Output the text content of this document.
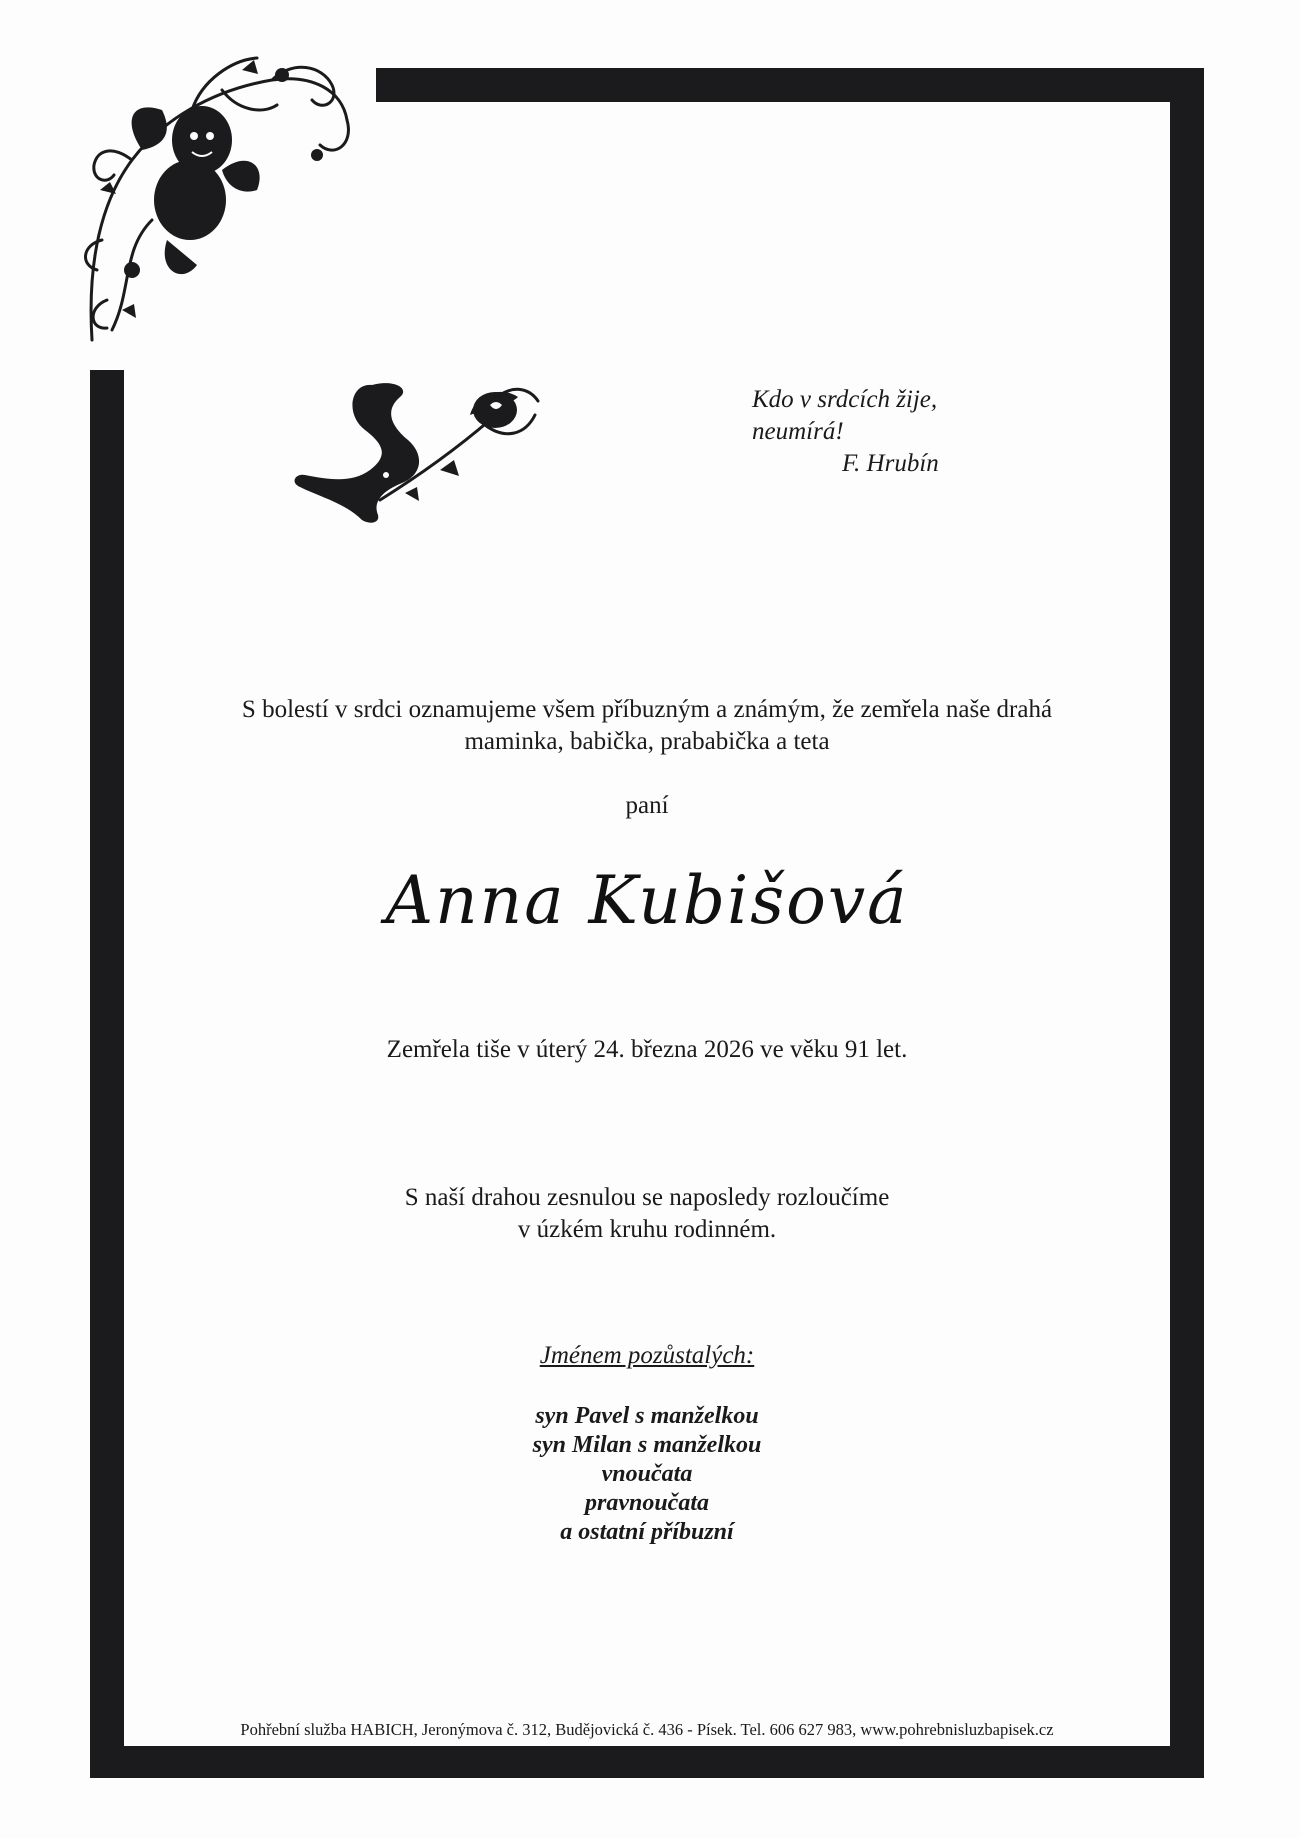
Kdo v srdcích žije,
neumírá!
F. Hrubín
S bolestí v srdci oznamujeme všem příbuzným a známým, že zemřela naše drahá
maminka, babička, prababička a teta
paní
Anna Kubišová
Zemřela tiše v úterý 24. března 2026 ve věku 91 let.
S naší drahou zesnulou se naposledy rozloučíme
v úzkém kruhu rodinném.
Jménem pozůstalých:
syn Pavel s manželkou
syn Milan s manželkou
vnoučata
pravnoučata
a ostatní příbuzní
Pohřební služba HABICH, Jeronýmova č. 312, Budějovická č. 436 - Písek. Tel. 606 627 983, www.pohrebnisluzbapisek.cz
